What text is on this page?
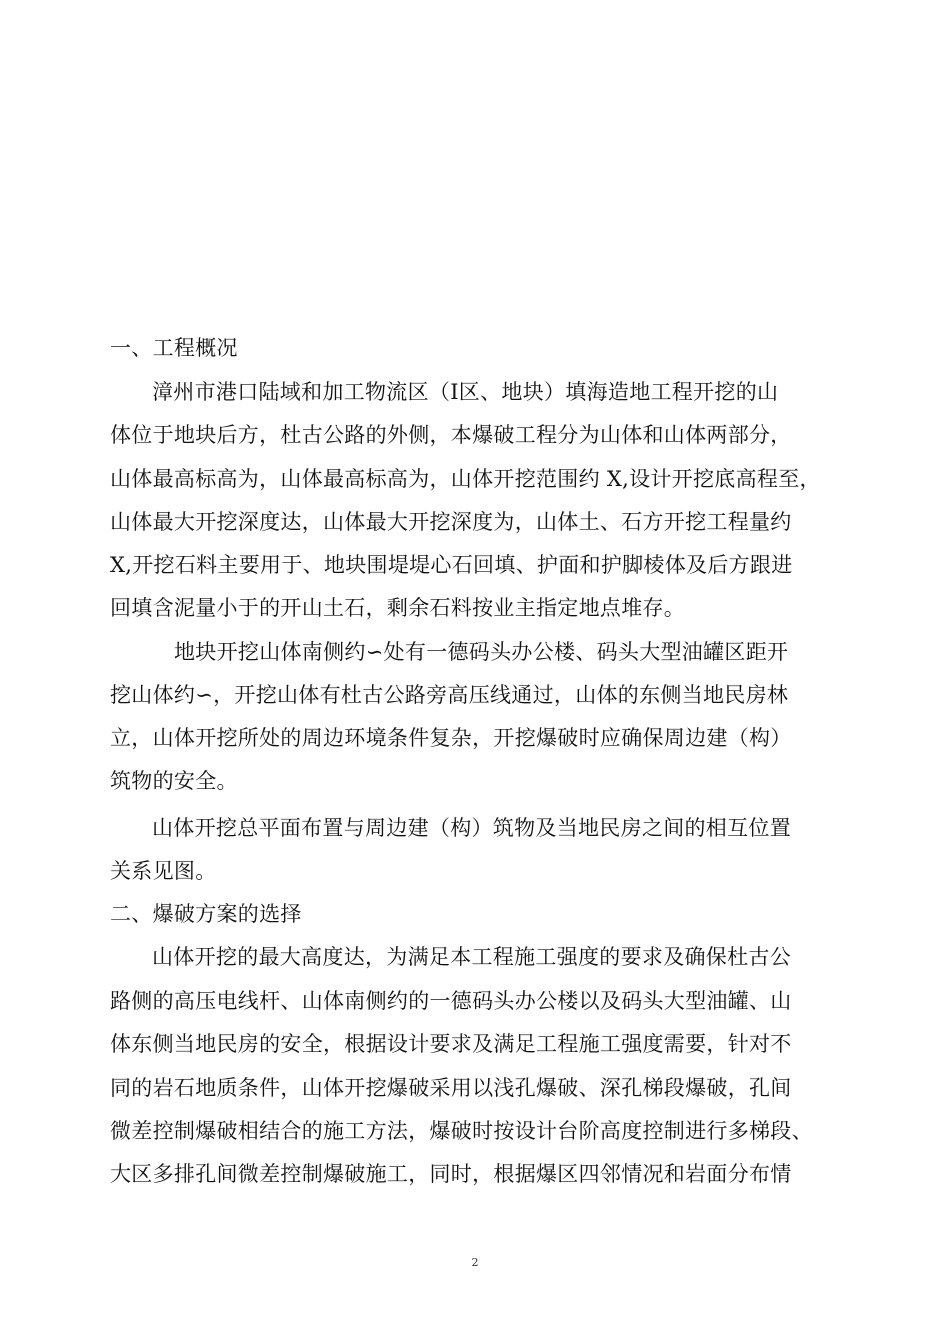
一、工程概况
漳州市港口陆域和加工物流区（Ⅰ区、地块）填海造地工程开挖的山
体位于地块后方，杜古公路的外侧，本爆破工程分为山体和山体两部分，
山体最高标高为，山体最高标高为，山体开挖范围约 X,设计开挖底高程至，
山体最大开挖深度达，山体最大开挖深度为，山体土、石方开挖工程量约
X,开挖石料主要用于、地块围堤堤心石回填、护面和护脚棱体及后方跟进
回填含泥量小于的开山土石，剩余石料按业主指定地点堆存。
地块开挖山体南侧约∽处有一德码头办公楼、码头大型油罐区距开
挖山体约∽，开挖山体有杜古公路旁高压线通过，山体的东侧当地民房林
立，山体开挖所处的周边环境条件复杂，开挖爆破时应确保周边建（构）
筑物的安全。
山体开挖总平面布置与周边建（构）筑物及当地民房之间的相互位置
关系见图。
二、爆破方案的选择
山体开挖的最大高度达，为满足本工程施工强度的要求及确保杜古公
路侧的高压电线杆、山体南侧约的一德码头办公楼以及码头大型油罐、山
体东侧当地民房的安全，根据设计要求及满足工程施工强度需要，针对不
同的岩石地质条件，山体开挖爆破采用以浅孔爆破、深孔梯段爆破，孔间
微差控制爆破相结合的施工方法，爆破时按设计台阶高度控制进行多梯段、
大区多排孔间微差控制爆破施工，同时，根据爆区四邻情况和岩面分布情
2
